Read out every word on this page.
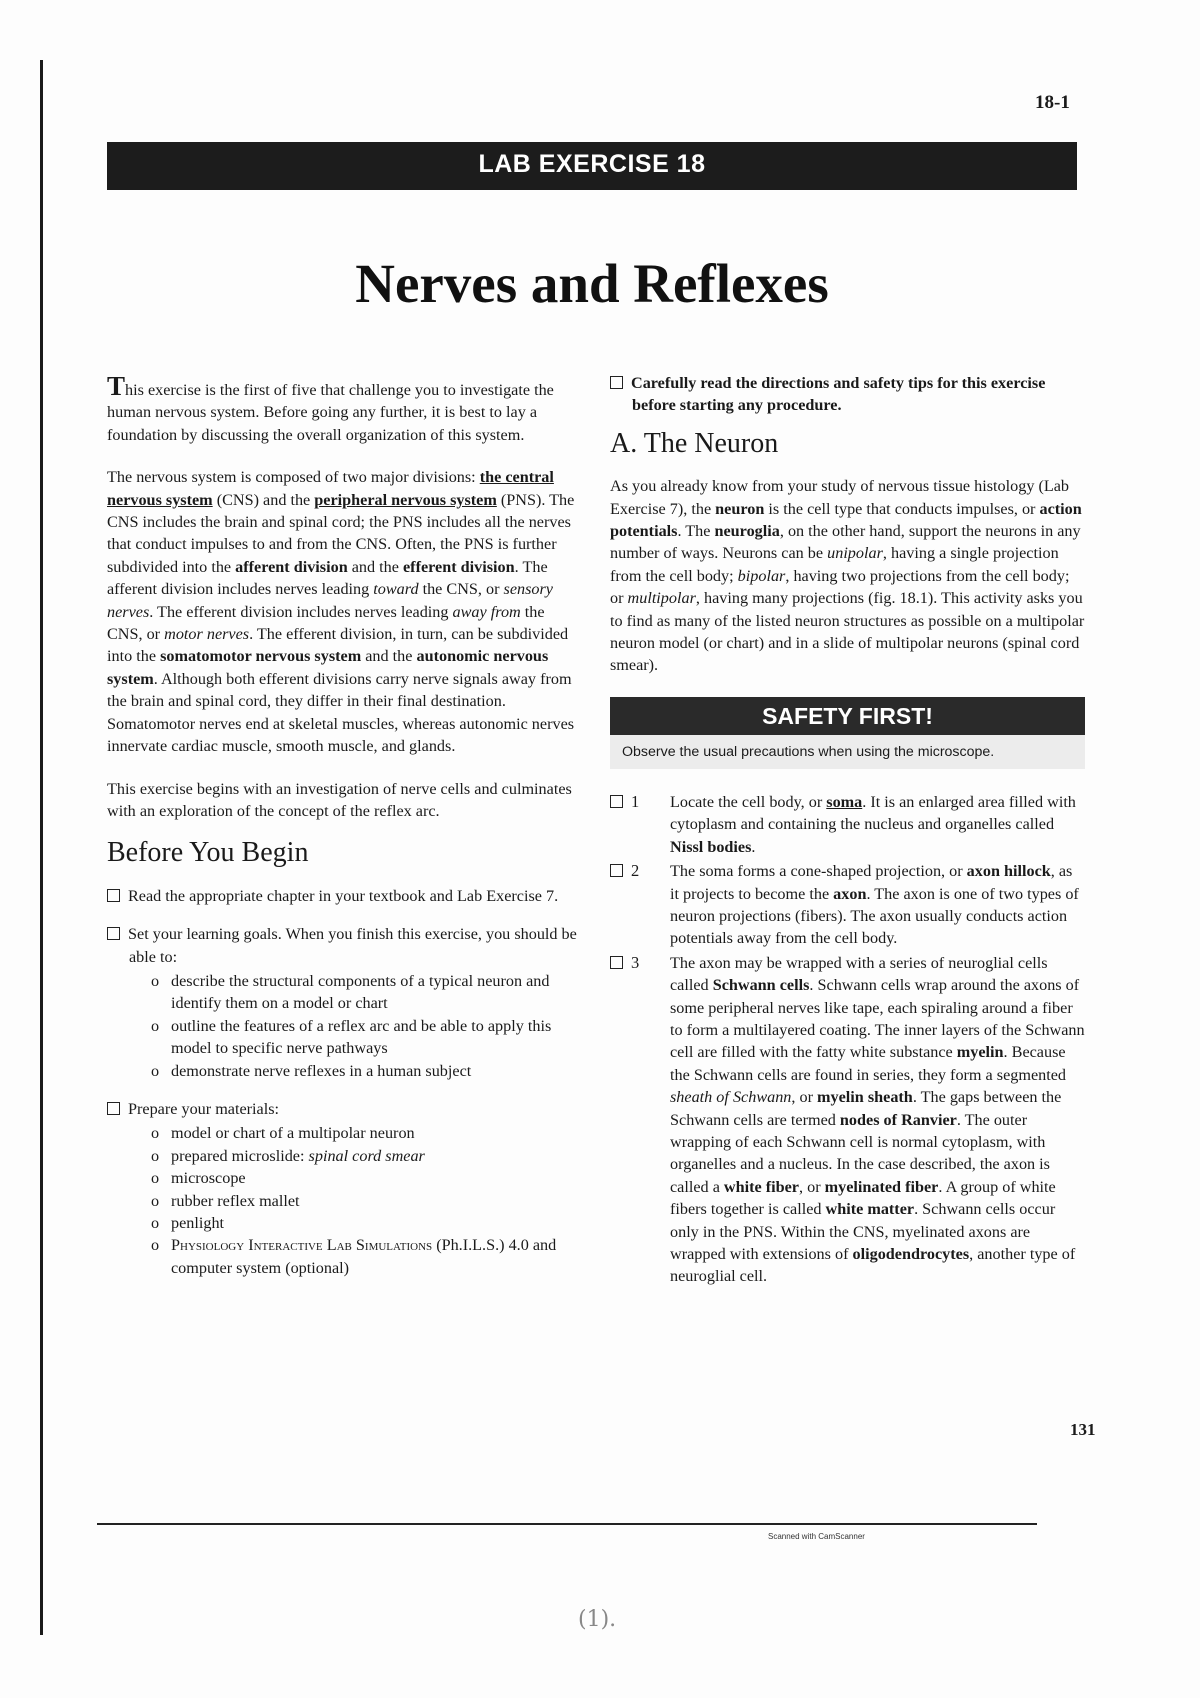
18-1
LAB EXERCISE 18
Nerves and Reflexes

This exercise is the first of five that challenge you to investigate the human nervous system. Before going any further, it is best to lay a foundation by discussing the overall organization of this system.

The nervous system is composed of two major divisions: the central nervous system (CNS) and the peripheral nervous system (PNS). The CNS includes the brain and spinal cord; the PNS includes all the nerves that conduct impulses to and from the CNS. Often, the PNS is further subdivided into the afferent division and the efferent division. The afferent division includes nerves leading toward the CNS, or sensory nerves. The efferent division includes nerves leading away from the CNS, or motor nerves. The efferent division, in turn, can be subdivided into the somatomotor nervous system and the autonomic nervous system. Although both efferent divisions carry nerve signals away from the brain and spinal cord, they differ in their final destination. Somatomotor nerves end at skeletal muscles, whereas autonomic nerves innervate cardiac muscle, smooth muscle, and glands.

This exercise begins with an investigation of nerve cells and culminates with an exploration of the concept of the reflex arc.

Before You Begin
Read the appropriate chapter in your textbook and Lab Exercise 7.
Set your learning goals. When you finish this exercise, you should be able to:
o describe the structural components of a typical neuron and identify them on a model or chart
o outline the features of a reflex arc and be able to apply this model to specific nerve pathways
o demonstrate nerve reflexes in a human subject
Prepare your materials:
o model or chart of a multipolar neuron
o prepared microslide: spinal cord smear
o microscope
o rubber reflex mallet
o penlight
o Physiology Interactive Lab Simulations (Ph.I.L.S.) 4.0 and computer system (optional)
Carefully read the directions and safety tips for this exercise before starting any procedure.
A. The Neuron

As you already know from your study of nervous tissue histology (Lab Exercise 7), the neuron is the cell type that conducts impulses, or action potentials. The neuroglia, on the other hand, support the neurons in any number of ways. Neurons can be unipolar, having a single projection from the cell body; bipolar, having two projections from the cell body; or multipolar, having many projections (fig. 18.1). This activity asks you to find as many of the listed neuron structures as possible on a multipolar neuron model (or chart) and in a slide of multipolar neurons (spinal cord smear).

SAFETY FIRST!
Observe the usual precautions when using the microscope.
1 Locate the cell body, or soma. It is an enlarged area filled with cytoplasm and containing the nucleus and organelles called Nissl bodies.
2 The soma forms a cone-shaped projection, or axon hillock, as it projects to become the axon. The axon is one of two types of neuron projections (fibers). The axon usually conducts action potentials away from the cell body.
3 The axon may be wrapped with a series of neuroglial cells called Schwann cells. Schwann cells wrap around the axons of some peripheral nerves like tape, each spiraling around a fiber to form a multilayered coating. The inner layers of the Schwann cell are filled with the fatty white substance myelin. Because the Schwann cells are found in series, they form a segmented sheath of Schwann, or myelin sheath. The gaps between the Schwann cells are termed nodes of Ranvier. The outer wrapping of each Schwann cell is normal cytoplasm, with organelles and a nucleus. In the case described, the axon is called a white fiber, or myelinated fiber. A group of white fibers together is called white matter. Schwann cells occur only in the PNS. Within the CNS, myelinated axons are wrapped with extensions of oligodendrocytes, another type of neuroglial cell.
131
Scanned with CamScanner
(1).
